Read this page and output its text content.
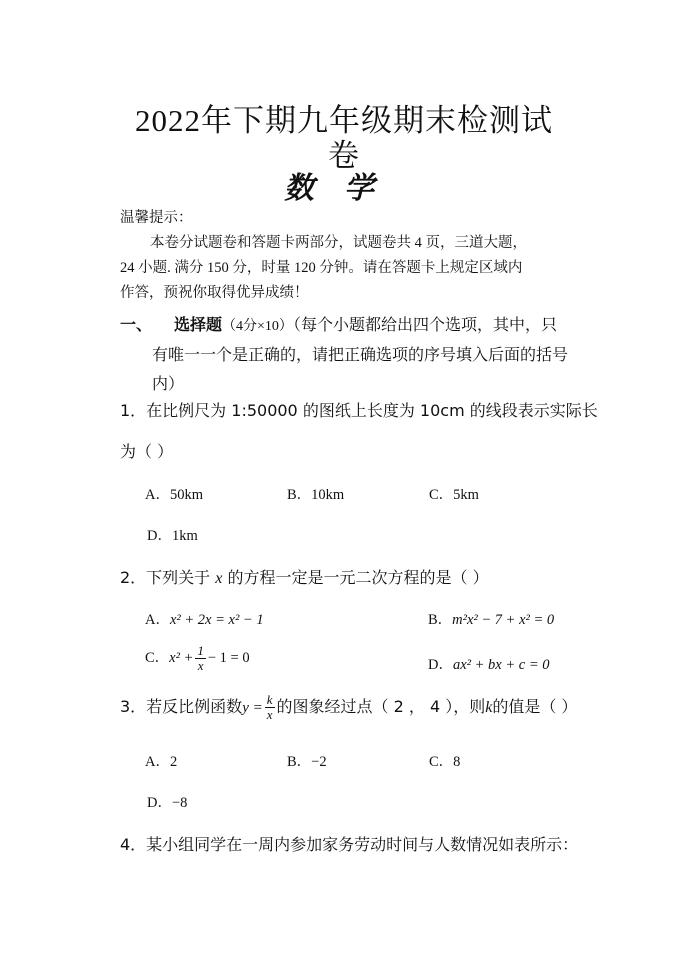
2022年下期九年级期末检测试
卷
数学
温馨提示：
本卷分试题卷和答题卡两部分，试题卷共 4 页，三道大题，
24 小题. 满分 150 分，时量 120 分钟。请在答题卡上规定区域内
作答，预祝你取得优异成绩！
一、 选择题（4分×10）（每个小题都给出四个选项，其中，只
有唯一一个是正确的，请把正确选项的序号填入后面的括号
内）
1．在比例尺为 1:50000 的图纸上长度为 10cm 的线段表示实际长
为（ ）
A．50km	B．10km	C．5km
D．1km
2．下列关于 x 的方程一定是一元二次方程的是（ ）
A．x² + 2x = x² − 1	B．m²x² − 7 + x² = 0
C．$x^2 + \frac{1}{x} - 1 = 0$	D．ax² + bx + c = 0
3．若反比例函数$y = \frac{k}{x}$ 的图象经过点（ 2 ， 4 ），则k的值是（ ）
A．2	B．−2	C．8
D．−8
4．某小组同学在一周内参加家务劳动时间与人数情况如表所示：
